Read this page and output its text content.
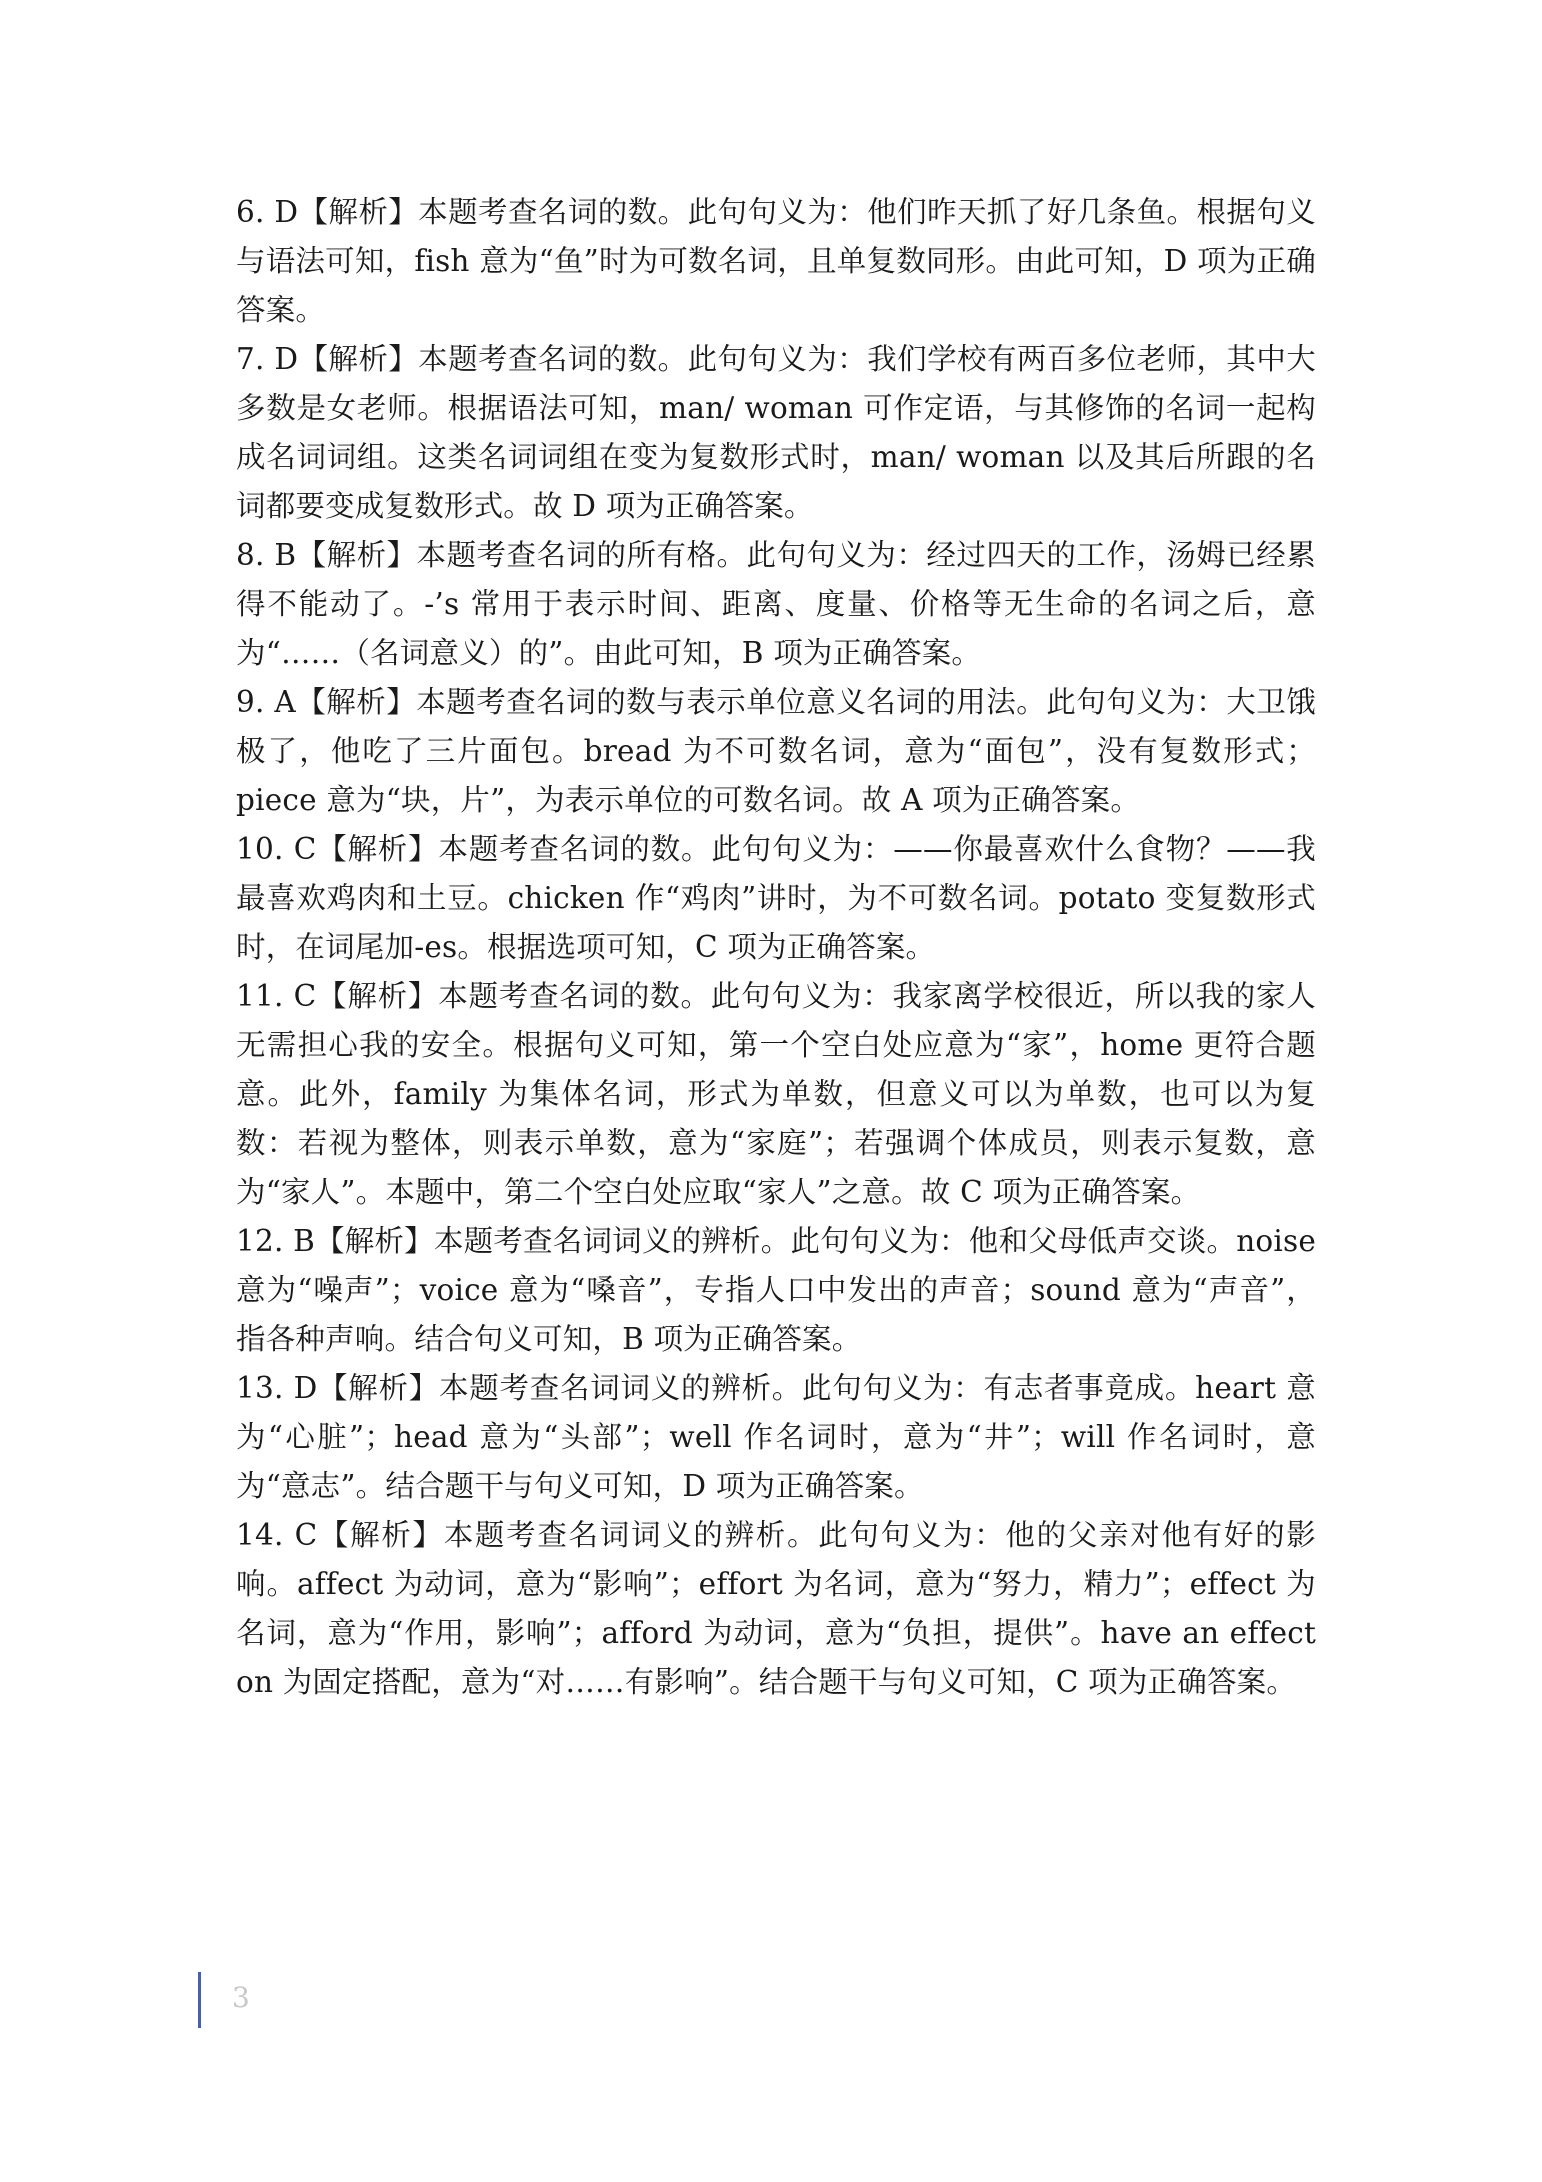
6. D【解析】本题考查名词的数。此句句义为：他们昨天抓了好几条鱼。根据句义与语法可知，fish 意为“鱼”时为可数名词，且单复数同形。由此可知，D 项为正确答案。

7. D【解析】本题考查名词的数。此句句义为：我们学校有两百多位老师，其中大多数是女老师。根据语法可知，man/ woman 可作定语，与其修饰的名词一起构成名词词组。这类名词词组在变为复数形式时，man/ woman 以及其后所跟的名词都要变成复数形式。故 D 项为正确答案。

8. B【解析】本题考查名词的所有格。此句句义为：经过四天的工作，汤姆已经累得不能动了。-’s 常用于表示时间、距离、度量、价格等无生命的名词之后，意为“……（名词意义）的”。由此可知，B 项为正确答案。

9. A【解析】本题考查名词的数与表示单位意义名词的用法。此句句义为：大卫饿极了，他吃了三片面包。bread 为不可数名词，意为“面包”，没有复数形式；piece 意为“块，片”，为表示单位的可数名词。故 A 项为正确答案。

10. C【解析】本题考查名词的数。此句句义为：——你最喜欢什么食物？——我最喜欢鸡肉和土豆。chicken 作“鸡肉”讲时，为不可数名词。potato 变复数形式时，在词尾加-es。根据选项可知，C 项为正确答案。

11. C【解析】本题考查名词的数。此句句义为：我家离学校很近，所以我的家人无需担心我的安全。根据句义可知，第一个空白处应意为“家”，home 更符合题意。此外，family 为集体名词，形式为单数，但意义可以为单数，也可以为复数：若视为整体，则表示单数，意为“家庭”；若强调个体成员，则表示复数，意为“家人”。本题中，第二个空白处应取“家人”之意。故 C 项为正确答案。

12. B【解析】本题考查名词词义的辨析。此句句义为：他和父母低声交谈。noise 意为“噪声”；voice 意为“嗓音”，专指人口中发出的声音；sound 意为“声音”，指各种声响。结合句义可知，B 项为正确答案。

13. D【解析】本题考查名词词义的辨析。此句句义为：有志者事竟成。heart 意为“心脏”；head 意为“头部”；well 作名词时，意为“井”；will 作名词时，意为“意志”。结合题干与句义可知，D 项为正确答案。

14. C【解析】本题考查名词词义的辨析。此句句义为：他的父亲对他有好的影响。affect 为动词，意为“影响”；effort 为名词，意为“努力，精力”；effect 为名词，意为“作用，影响”；afford 为动词，意为“负担，提供”。have an effect on 为固定搭配，意为“对……有影响”。结合题干与句义可知，C 项为正确答案。

3
